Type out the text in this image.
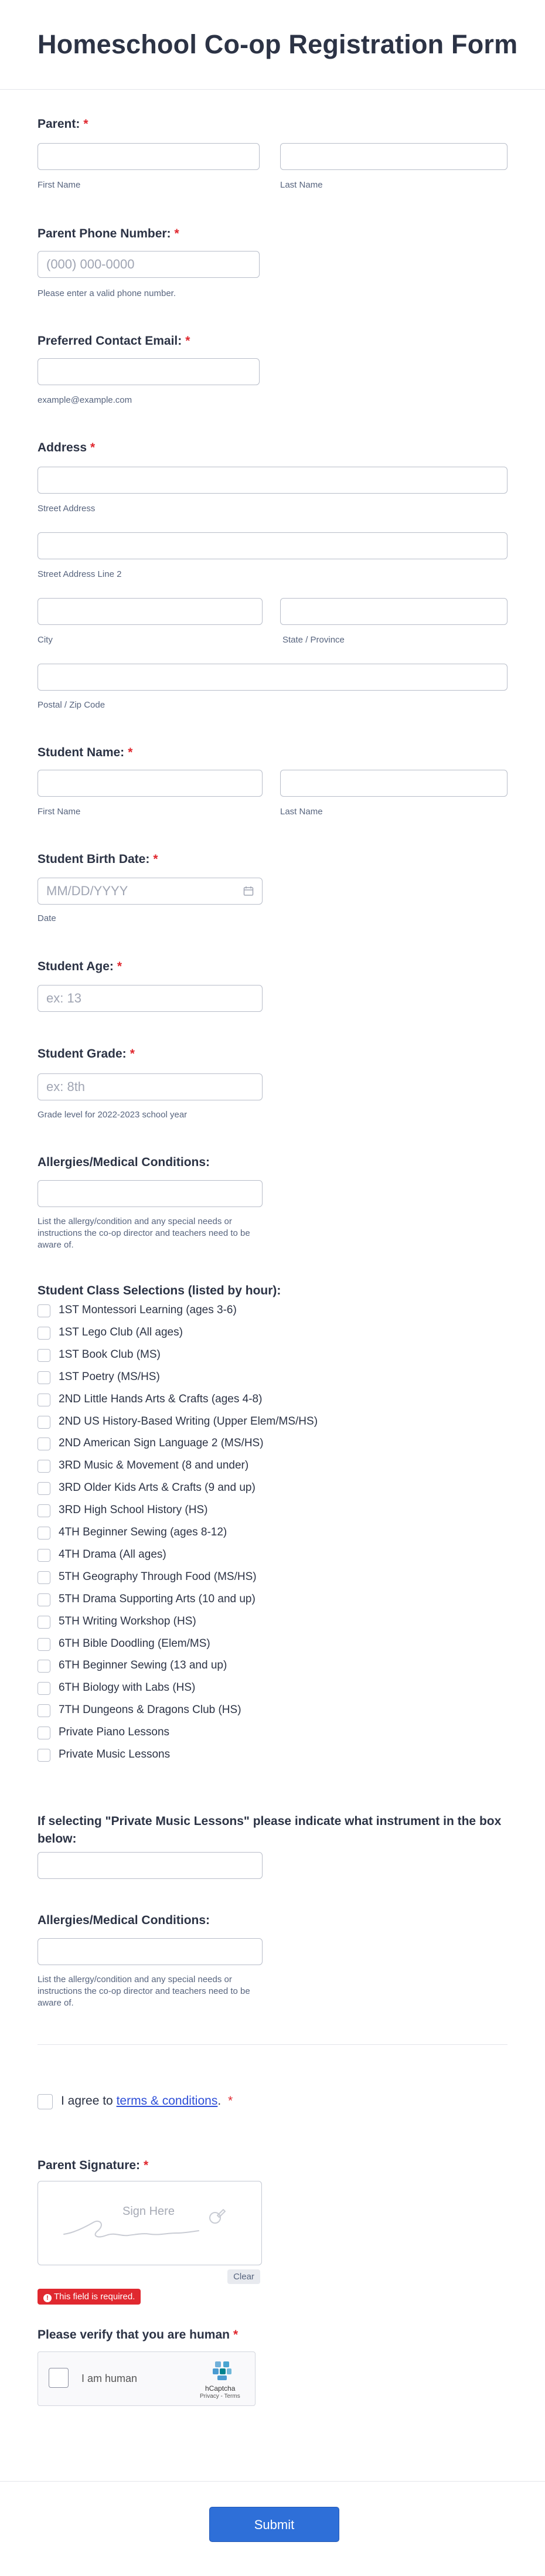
Homeschool Co-op Registration Form
Parent: *
First Name	Last Name
Parent Phone Number: *
(000) 000-0000
Please enter a valid phone number.
Preferred Contact Email: *
example@example.com
Address *
Street Address
Street Address Line 2
City	State / Province
Postal / Zip Code
Student Name: *
First Name	Last Name
Student Birth Date: *
MM/DD/YYYY
Date
Student Age: *
ex: 13
Student Grade: *
ex: 8th
Grade level for 2022-2023 school year
Allergies/Medical Conditions:
List the allergy/condition and any special needs or instructions the co-op director and teachers need to be aware of.
Student Class Selections (listed by hour):
1ST Montessori Learning (ages 3-6)
1ST Lego Club (All ages)
1ST Book Club (MS)
1ST Poetry (MS/HS)
2ND Little Hands Arts & Crafts (ages 4-8)
2ND US History-Based Writing (Upper Elem/MS/HS)
2ND American Sign Language 2 (MS/HS)
3RD Music & Movement (8 and under)
3RD Older Kids Arts & Crafts (9 and up)
3RD High School History (HS)
4TH Beginner Sewing (ages 8-12)
4TH Drama (All ages)
5TH Geography Through Food (MS/HS)
5TH Drama Supporting Arts (10 and up)
5TH Writing Workshop (HS)
6TH Bible Doodling (Elem/MS)
6TH Beginner Sewing (13 and up)
6TH Biology with Labs (HS)
7TH Dungeons & Dragons Club (HS)
Private Piano Lessons
Private Music Lessons
If selecting "Private Music Lessons" please indicate what instrument in the box below:
Allergies/Medical Conditions:
List the allergy/condition and any special needs or instructions the co-op director and teachers need to be aware of.
I agree to terms & conditions. *
Parent Signature: *
Sign Here
Clear
! This field is required.
Please verify that you are human *
I am human
hCaptcha
Privacy - Terms
Submit
